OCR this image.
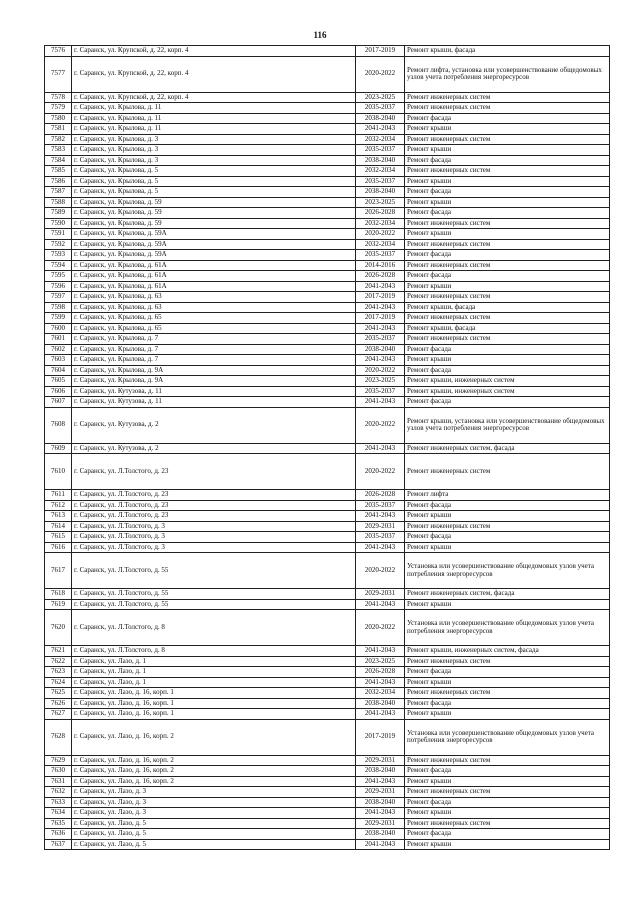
116
7576	г. Саранск, ул. Крупской, д. 22, корп. 4	2017-2019	Ремонт крыши, фасада
7577	г. Саранск, ул. Крупской, д. 22, корп. 4	2020-2022	Ремонт лифта, установка или усовершенствование общедомовых узлов учета потребления энергоресурсов
7578	г. Саранск, ул. Крупской, д. 22, корп. 4	2023-2025	Ремонт инженерных систем
7579	г. Саранск, ул. Крылова, д. 11	2035-2037	Ремонт инженерных систем
7580	г. Саранск, ул. Крылова, д. 11	2038-2040	Ремонт фасада
7581	г. Саранск, ул. Крылова, д. 11	2041-2043	Ремонт крыши
7582	г. Саранск, ул. Крылова, д. 3	2032-2034	Ремонт инженерных систем
7583	г. Саранск, ул. Крылова, д. 3	2035-2037	Ремонт крыши
7584	г. Саранск, ул. Крылова, д. 3	2038-2040	Ремонт фасада
7585	г. Саранск, ул. Крылова, д. 5	2032-2034	Ремонт инженерных систем
7586	г. Саранск, ул. Крылова, д. 5	2035-2037	Ремонт крыши
7587	г. Саранск, ул. Крылова, д. 5	2038-2040	Ремонт фасада
7588	г. Саранск, ул. Крылова, д. 59	2023-2025	Ремонт крыши
7589	г. Саранск, ул. Крылова, д. 59	2026-2028	Ремонт фасада
7590	г. Саранск, ул. Крылова, д. 59	2032-2034	Ремонт инженерных систем
7591	г. Саранск, ул. Крылова, д. 59А	2020-2022	Ремонт крыши
7592	г. Саранск, ул. Крылова, д. 59А	2032-2034	Ремонт инженерных систем
7593	г. Саранск, ул. Крылова, д. 59А	2035-2037	Ремонт фасада
7594	г. Саранск, ул. Крылова, д. 61А	2014-2016	Ремонт инженерных систем
7595	г. Саранск, ул. Крылова, д. 61А	2026-2028	Ремонт фасада
7596	г. Саранск, ул. Крылова, д. 61А	2041-2043	Ремонт крыши
7597	г. Саранск, ул. Крылова, д. 63	2017-2019	Ремонт инженерных систем
7598	г. Саранск, ул. Крылова, д. 63	2041-2043	Ремонт крыши, фасада
7599	г. Саранск, ул. Крылова, д. 65	2017-2019	Ремонт инженерных систем
7600	г. Саранск, ул. Крылова, д. 65	2041-2043	Ремонт крыши, фасада
7601	г. Саранск, ул. Крылова, д. 7	2035-2037	Ремонт инженерных систем
7602	г. Саранск, ул. Крылова, д. 7	2038-2040	Ремонт фасада
7603	г. Саранск, ул. Крылова, д. 7	2041-2043	Ремонт крыши
7604	г. Саранск, ул. Крылова, д. 9А	2020-2022	Ремонт фасада
7605	г. Саранск, ул. Крылова, д. 9А	2023-2025	Ремонт крыши, инженерных систем
7606	г. Саранск, ул. Кутузова, д. 11	2035-2037	Ремонт крыши, инженерных систем
7607	г. Саранск, ул. Кутузова, д. 11	2041-2043	Ремонт фасада
7608	г. Саранск, ул. Кутузова, д. 2	2020-2022	Ремонт крыши, установка или усовершенствование общедомовых узлов учета потребления энергоресурсов
7609	г. Саранск, ул. Кутузова, д. 2	2041-2043	Ремонт инженерных систем, фасада
7610	г. Саранск, ул. Л.Толстого, д. 23	2020-2022	Ремонт инженерных систем
7611	г. Саранск, ул. Л.Толстого, д. 23	2026-2028	Ремонт лифта
7612	г. Саранск, ул. Л.Толстого, д. 23	2035-2037	Ремонт фасада
7613	г. Саранск, ул. Л.Толстого, д. 23	2041-2043	Ремонт крыши
7614	г. Саранск, ул. Л.Толстого, д. 3	2029-2031	Ремонт инженерных систем
7615	г. Саранск, ул. Л.Толстого, д. 3	2035-2037	Ремонт фасада
7616	г. Саранск, ул. Л.Толстого, д. 3	2041-2043	Ремонт крыши
7617	г. Саранск, ул. Л.Толстого, д. 55	2020-2022	Установка или усовершенствование общедомовых узлов учета потребления энергоресурсов
7618	г. Саранск, ул. Л.Толстого, д. 55	2029-2031	Ремонт инженерных систем, фасада
7619	г. Саранск, ул. Л.Толстого, д. 55	2041-2043	Ремонт крыши
7620	г. Саранск, ул. Л.Толстого, д. 8	2020-2022	Установка или усовершенствование общедомовых узлов учета потребления энергоресурсов
7621	г. Саранск, ул. Л.Толстого, д. 8	2041-2043	Ремонт крыши, инженерных систем, фасада
7622	г. Саранск, ул. Лазо, д. 1	2023-2025	Ремонт инженерных систем
7623	г. Саранск, ул. Лазо, д. 1	2026-2028	Ремонт фасада
7624	г. Саранск, ул. Лазо, д. 1	2041-2043	Ремонт крыши
7625	г. Саранск, ул. Лазо, д. 16, корп. 1	2032-2034	Ремонт инженерных систем
7626	г. Саранск, ул. Лазо, д. 16, корп. 1	2038-2040	Ремонт фасада
7627	г. Саранск, ул. Лазо, д. 16, корп. 1	2041-2043	Ремонт крыши
7628	г. Саранск, ул. Лазо, д. 16, корп. 2	2017-2019	Установка или усовершенствование общедомовых узлов учета потребления энергоресурсов
7629	г. Саранск, ул. Лазо, д. 16, корп. 2	2029-2031	Ремонт инженерных систем
7630	г. Саранск, ул. Лазо, д. 16, корп. 2	2038-2040	Ремонт фасада
7631	г. Саранск, ул. Лазо, д. 16, корп. 2	2041-2043	Ремонт крыши
7632	г. Саранск, ул. Лазо, д. 3	2029-2031	Ремонт инженерных систем
7633	г. Саранск, ул. Лазо, д. 3	2038-2040	Ремонт фасада
7634	г. Саранск, ул. Лазо, д. 3	2041-2043	Ремонт крыши
7635	г. Саранск, ул. Лазо, д. 5	2029-2031	Ремонт инженерных систем
7636	г. Саранск, ул. Лазо, д. 5	2038-2040	Ремонт фасада
7637	г. Саранск, ул. Лазо, д. 5	2041-2043	Ремонт крыши
